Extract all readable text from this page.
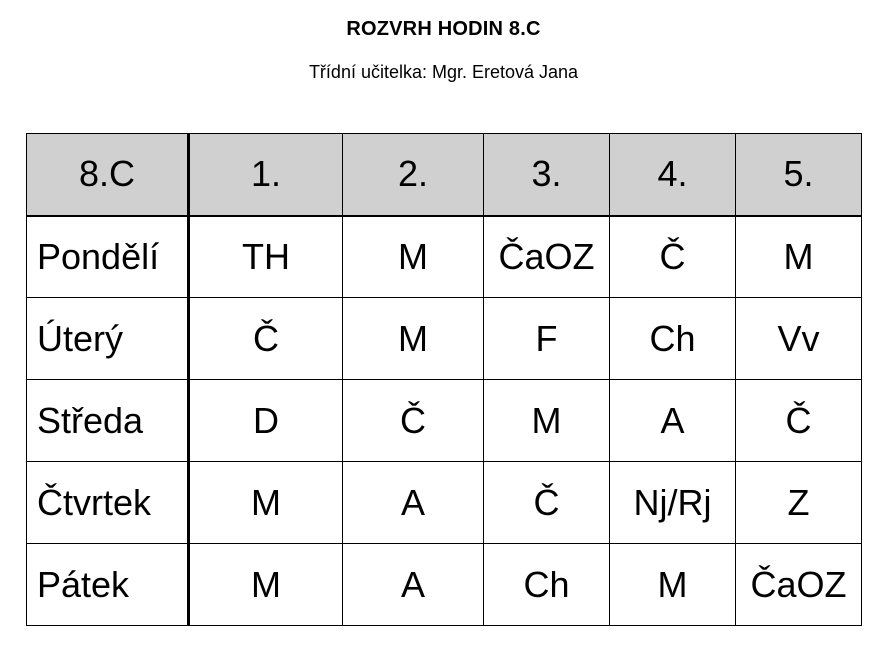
ROZVRH HODIN 8.C
Třídní učitelka: Mgr. Eretová Jana
8.C	1.	2.	3.	4.	5.
Pondělí	TH	M	ČaOZ	Č	M
Úterý	Č	M	F	Ch	Vv
Středa	D	Č	M	A	Č
Čtvrtek	M	A	Č	Nj/Rj	Z
Pátek	M	A	Ch	M	ČaOZ
